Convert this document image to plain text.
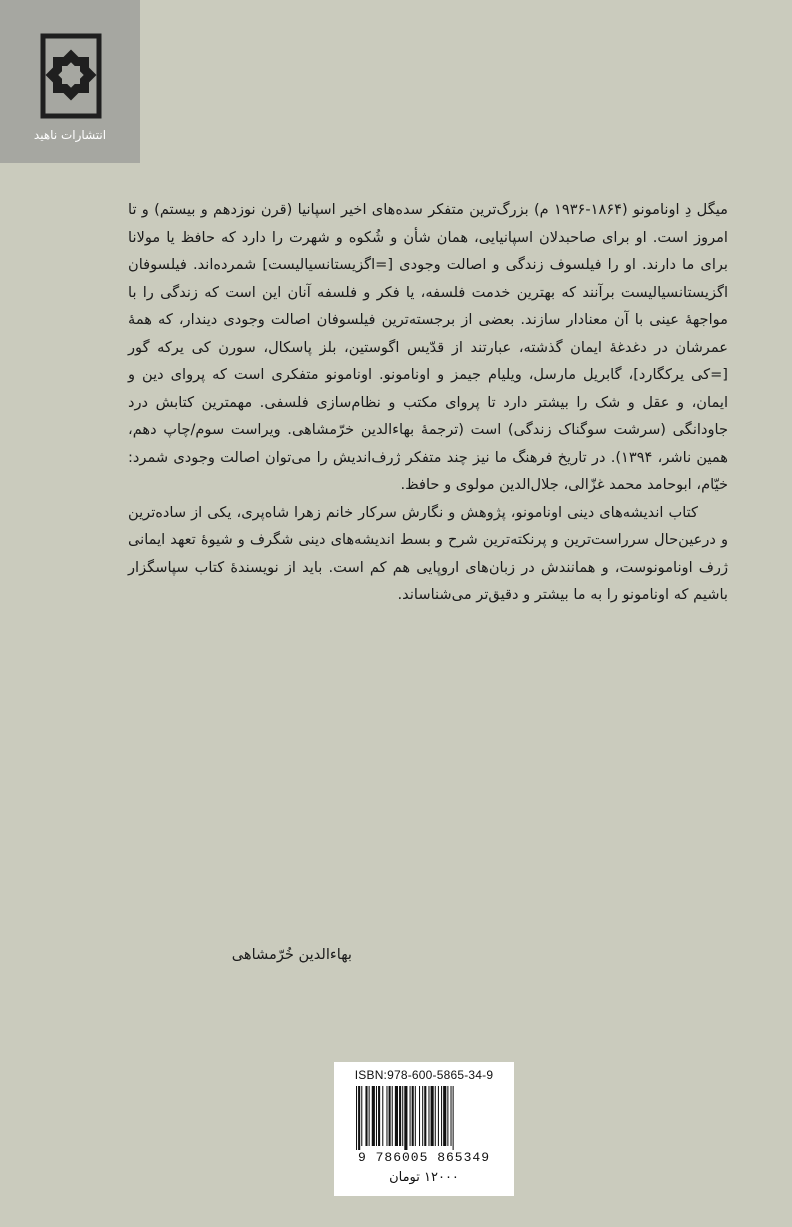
انتشارات ناهید

میگل دِ اونامونو (۱۸۶۴-۱۹۳۶ م) بزرگ‌ترین متفکر سده‌های اخیر اسپانیا (قرن نوزدهم و بیستم) و تا امروز است. او برای صاحبدلان اسپانیایی، همان شأن و شُکوه و شهرت را دارد که حافظ یا مولانا برای ما دارند. او را فیلسوف زندگی و اصالت وجودی [=اگزیستانسیالیست] شمرده‌اند. فیلسوفان اگزیستانسیالیست برآنند که بهترین خدمت فلسفه، یا فکر و فلسفه آنان این است که زندگی را با مواجههٔ عینی با آن معنادار سازند. بعضی از برجسته‌ترین فیلسوفان اصالت وجودی دیندار، که همهٔ عمرشان در دغدغهٔ ایمان گذشته، عبارتند از قدّیس اگوستین، بلز پاسکال، سورن کی یرکه گور [=کی یرکگارد]، گابریل مارسل، ویلیام جیمز و اونامونو. اونامونو متفکری است که پروای دین و ایمان، و عقل و شک را بیشتر دارد تا پروای مکتب و نظام‌سازی فلسفی. مهمترین کتابش درد جاودانگی (سرشت سوگناک زندگی) است (ترجمهٔ بهاءالدین خرّمشاهی. ویراست سوم/چاپ دهم، همین ناشر، ۱۳۹۴). در تاریخ فرهنگ ما نیز چند متفکر ژرف‌اندیش را می‌توان اصالت وجودی شمرد: خیّام، ابوحامد محمد غزّالی، جلال‌الدین مولوی و حافظ.

کتاب اندیشه‌های دینی اونامونو، پژوهش و نگارش سرکار خانم زهرا شاه‌پری، یکی از ساده‌ترین و درعین‌حال سرراست‌ترین و پرنکته‌ترین شرح و بسط اندیشه‌های دینی شگرف و شیوهٔ تعهد ایمانی ژرف اونامونوست، و همانندش در زبان‌های اروپایی هم کم است. باید از نویسندهٔ کتاب سپاسگزار باشیم که اونامونو را به ما بیشتر و دقیق‌تر می‌شناساند.

بهاءالدین خُرّمشاهی
ISBN:978-600-5865-34-9
9 786005 865349
۱۲۰۰۰ تومان
